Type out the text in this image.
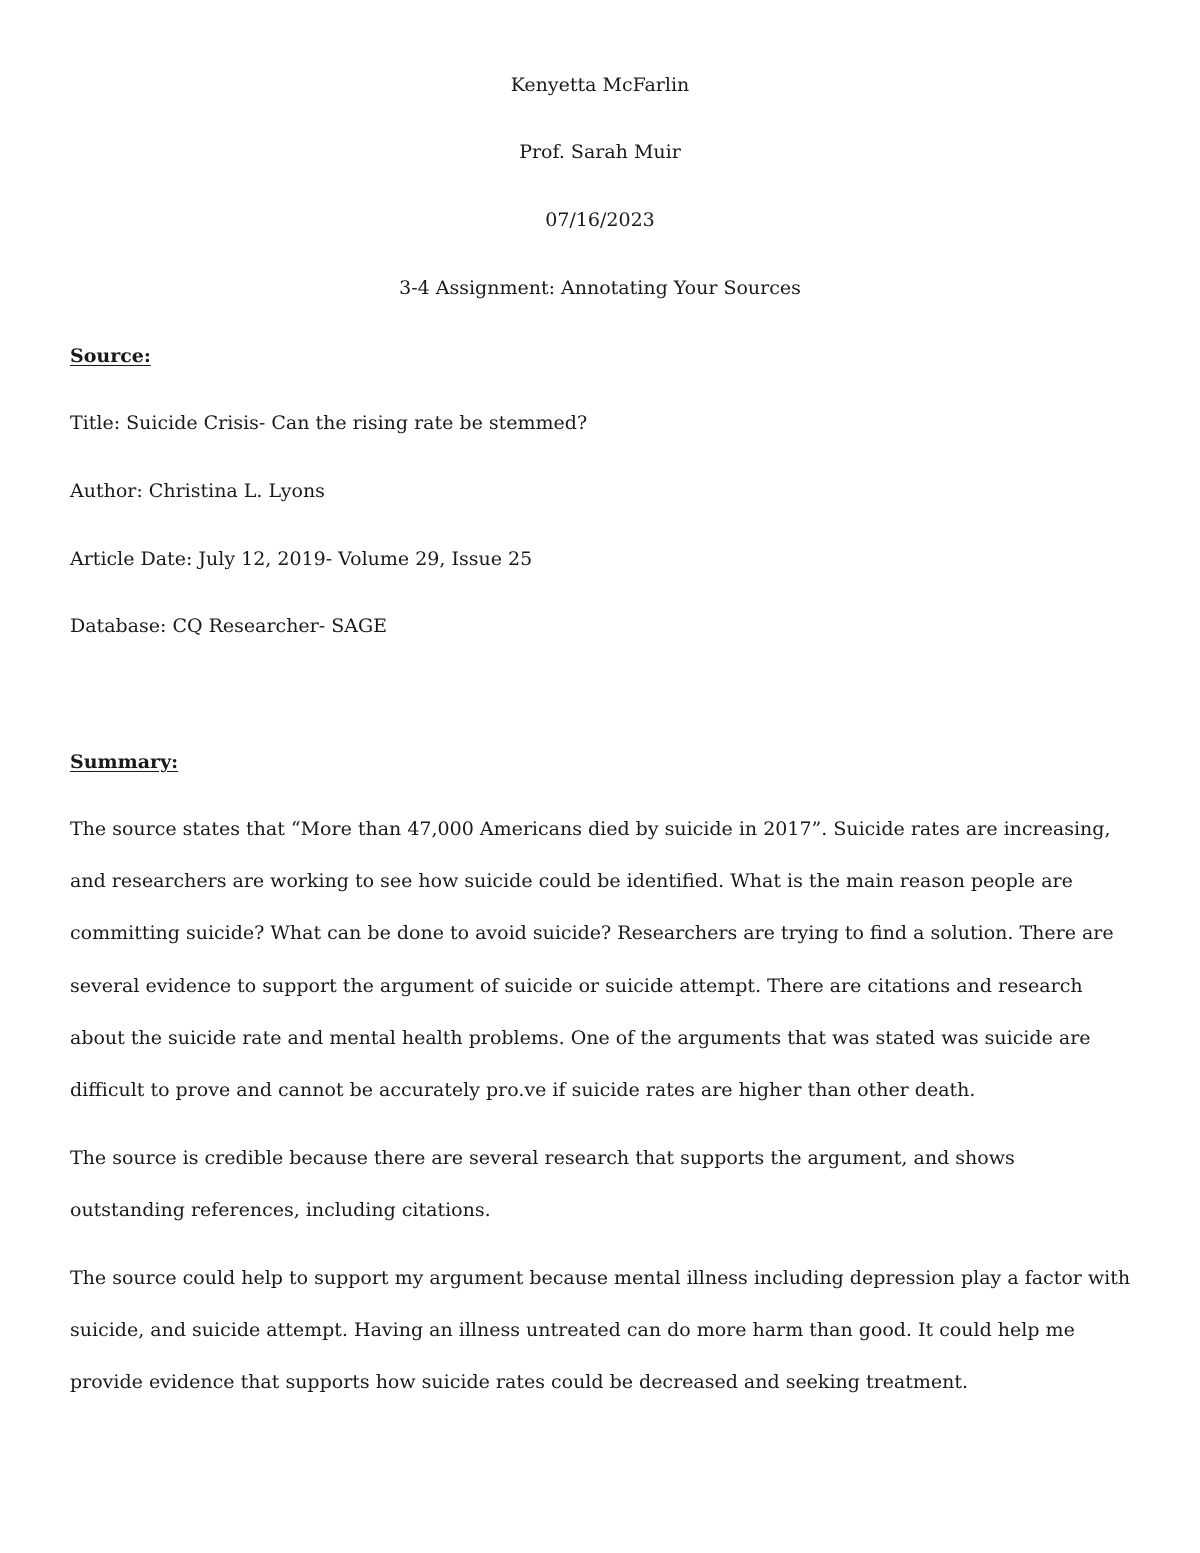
Kenyetta McFarlin
Prof. Sarah Muir
07/16/2023
3-4 Assignment: Annotating Your Sources
Source:
Title: Suicide Crisis- Can the rising rate be stemmed?
Author: Christina L. Lyons
Article Date: July 12, 2019- Volume 29, Issue 25
Database: CQ Researcher- SAGE
Summary:

The source states that “More than 47,000 Americans died by suicide in 2017”. Suicide rates are increasing, and researchers are working to see how suicide could be identified. What is the main reason people are committing suicide? What can be done to avoid suicide? Researchers are trying to find a solution. There are several evidence to support the argument of suicide or suicide attempt. There are citations and research about the suicide rate and mental health problems. One of the arguments that was stated was suicide are difficult to prove and cannot be accurately pro.ve if suicide rates are higher than other death.

The source is credible because there are several research that supports the argument, and shows outstanding references, including citations.

The source could help to support my argument because mental illness including depression play a factor with suicide, and suicide attempt. Having an illness untreated can do more harm than good. It could help me provide evidence that supports how suicide rates could be decreased and seeking treatment.
